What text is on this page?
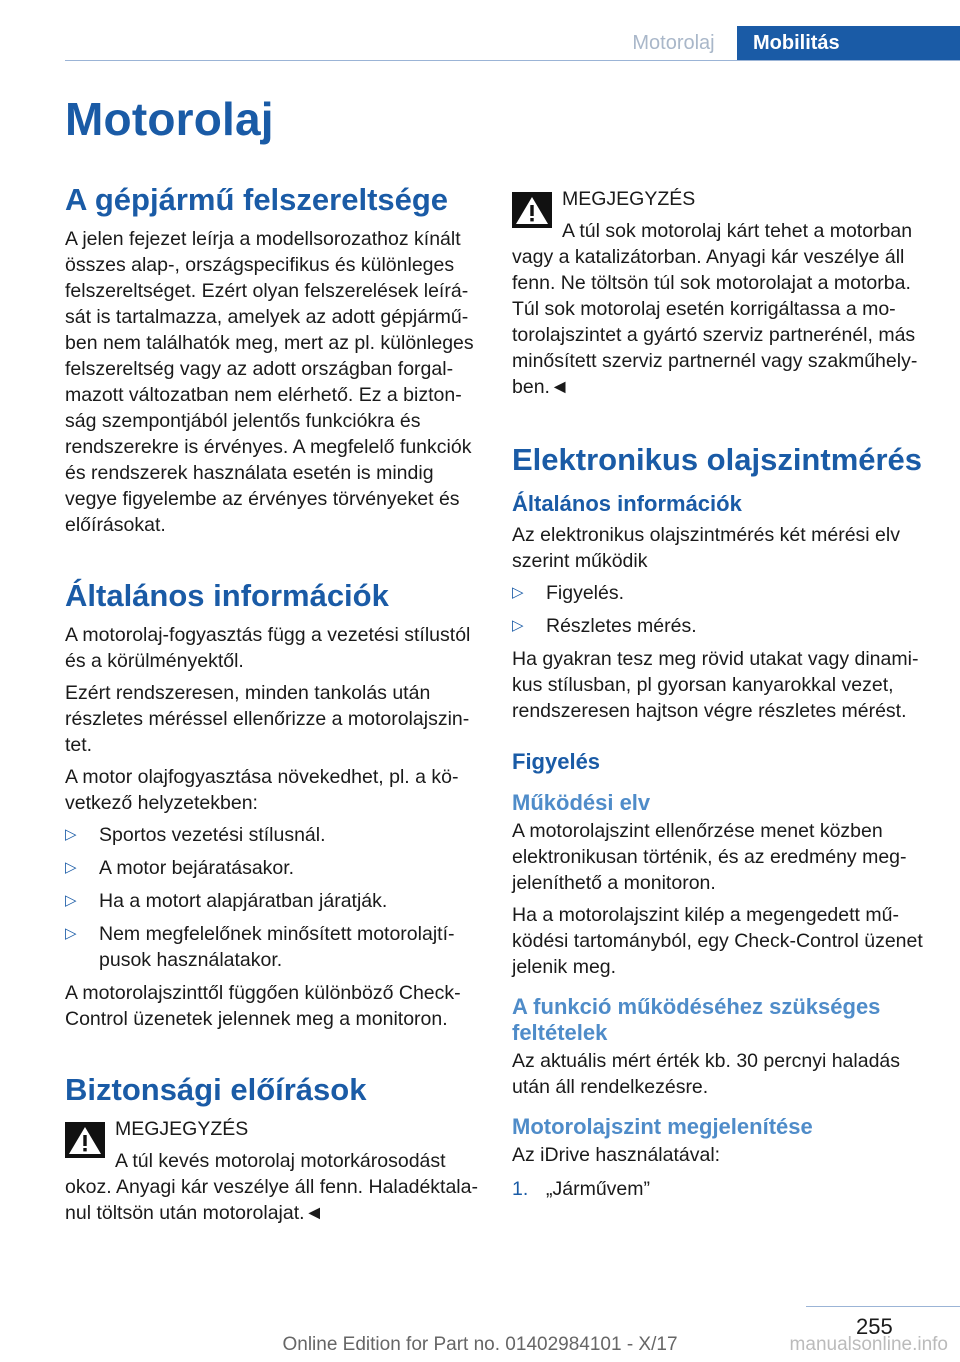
Motorolaj	Mobilitás
Motorolaj
A gépjármű felszereltsége

A jelen fejezet leírja a modellsorozathoz kínált összes alap-, országspecifikus és különleges felszereltséget. Ezért olyan felszerelések leírását is tartalmazza, amelyek az adott gépjárműben nem találhatók meg, mert az pl. különleges felszereltség vagy az adott országban forgalmazott változatban nem elérhető. Ez a biztonság szempontjából jelentős funkciókra és rendszerekre is érvényes. A megfelelő funkciók és rendszerek használata esetén is mindig vegye figyelembe az érvényes törvényeket és előírásokat.

Általános információk

A motorolaj-fogyasztás függ a vezetési stílustól és a körülményektől.

Ezért rendszeresen, minden tankolás után részletes méréssel ellenőrizze a motorolajszintet.

A motor olajfogyasztása növekedhet, pl. a következő helyzetekben:

▷ Sportos vezetési stílusnál.
▷ A motor bejáratásakor.
▷ Ha a motort alapjáratban járatják.
▷ Nem megfelelőnek minősített motorolajtípusok használatakor.

A motorolajszinttől függően különböző Check-Control üzenetek jelennek meg a monitoron.

Biztonsági előírások
MEGJEGYZÉS

A túl kevés motorolaj motorkárosodást okoz. Anyagi kár veszélye áll fenn. Haladéktalanul töltsön után motorolajat.◄

MEGJEGYZÉS

A túl sok motorolaj kárt tehet a motorban vagy a katalizátorban. Anyagi kár veszélye áll fenn. Ne töltsön túl sok motorolajat a motorba. Túl sok motorolaj esetén korrigáltassa a motorolajszintet a gyártó szerviz partnerénél, más minősített szerviz partnernél vagy szakműhelyben.◄

Elektronikus olajszintmérés
Általános információk

Az elektronikus olajszintmérés két mérési elv szerint működik

▷ Figyelés.
▷ Részletes mérés.

Ha gyakran tesz meg rövid utakat vagy dinamikus stílusban, pl gyorsan kanyarokkal vezet, rendszeresen hajtson végre részletes mérést.

Figyelés
Működési elv

A motorolajszint ellenőrzése menet közben elektronikusan történik, és az eredmény megjeleníthető a monitoron.

Ha a motorolajszint kilép a megengedett működési tartományból, egy Check-Control üzenet jelenik meg.

A funkció működéséhez szükséges feltételek

Az aktuális mért érték kb. 30 percnyi haladás után áll rendelkezésre.

Motorolajszint megjelenítése

Az iDrive használatával:

1. „Járművem”
255
Online Edition for Part no. 01402984101 - X/17	manualsonline.info
